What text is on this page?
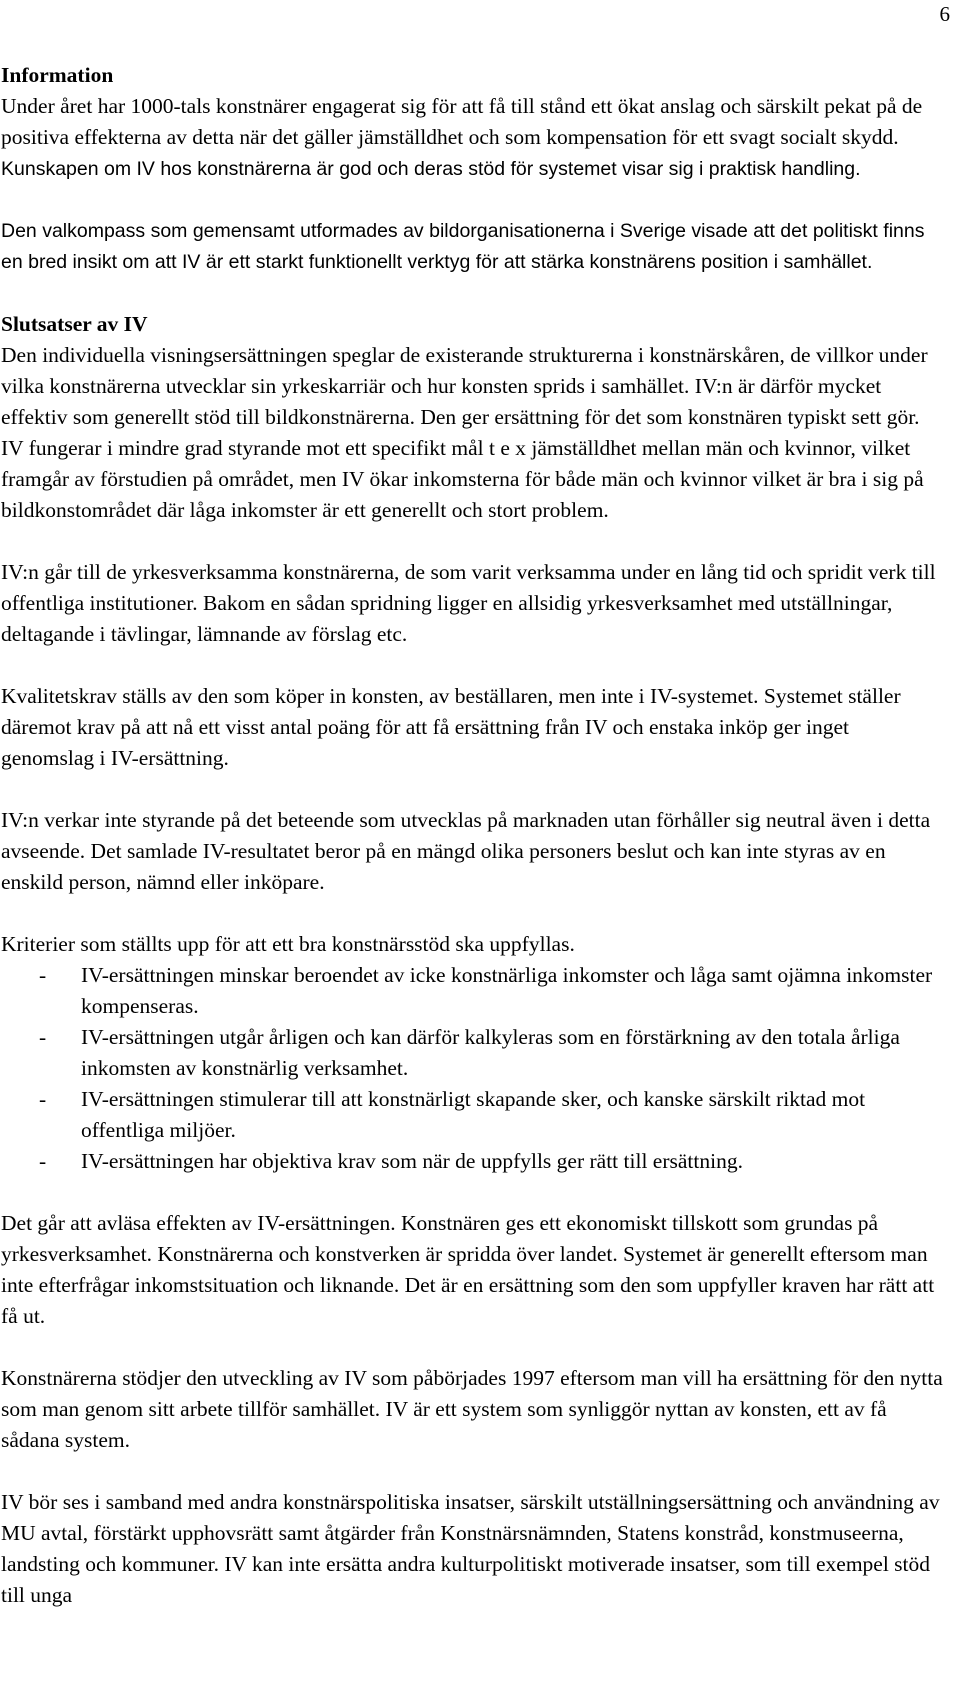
6
Information

Under året har 1000-tals konstnärer engagerat sig för att få till stånd ett ökat anslag och särskilt pekat på de positiva effekterna av detta när det gäller jämställdhet och som kompensation för ett svagt socialt skydd. Kunskapen om IV hos konstnärerna är god och deras stöd för systemet visar sig i praktisk handling.

Den valkompass som gemensamt utformades av bildorganisationerna i Sverige visade att det politiskt finns en bred insikt om att IV är ett starkt funktionellt verktyg för att stärka konstnärens position i samhället.

Slutsatser av IV

Den individuella visningsersättningen speglar de existerande strukturerna i konstnärskåren, de villkor under vilka konstnärerna utvecklar sin yrkeskarriär och hur konsten sprids i samhället. IV:n är därför mycket effektiv som generellt stöd till bildkonstnärerna. Den ger ersättning för det som konstnären typiskt sett gör. IV fungerar i mindre grad styrande mot ett specifikt mål t e x jämställdhet mellan män och kvinnor, vilket framgår av förstudien på området, men IV ökar inkomsterna för både män och kvinnor vilket är bra i sig på bildkonstområdet där låga inkomster är ett generellt och stort problem.

IV:n går till de yrkesverksamma konstnärerna, de som varit verksamma under en lång tid och spridit verk till offentliga institutioner. Bakom en sådan spridning ligger en allsidig yrkesverksamhet med utställningar, deltagande i tävlingar, lämnande av förslag etc.

Kvalitetskrav ställs av den som köper in konsten, av beställaren, men inte i IV-systemet. Systemet ställer däremot krav på att nå ett visst antal poäng för att få ersättning från IV och enstaka inköp ger inget genomslag i IV-ersättning.

IV:n verkar inte styrande på det beteende som utvecklas på marknaden utan förhåller sig neutral även i detta avseende. Det samlade IV-resultatet beror på en mängd olika personers beslut och kan inte styras av en enskild person, nämnd eller inköpare.

Kriterier som ställts upp för att ett bra konstnärsstöd ska uppfyllas.

- IV-ersättningen minskar beroendet av icke konstnärliga inkomster och låga samt ojämna inkomster kompenseras.
- IV-ersättningen utgår årligen och kan därför kalkyleras som en förstärkning av den totala årliga inkomsten av konstnärlig verksamhet.
- IV-ersättningen stimulerar till att konstnärligt skapande sker, och kanske särskilt riktad mot offentliga miljöer.
- IV-ersättningen har objektiva krav som när de uppfylls ger rätt till ersättning.

Det går att avläsa effekten av IV-ersättningen. Konstnären ges ett ekonomiskt tillskott som grundas på yrkesverksamhet. Konstnärerna och konstverken är spridda över landet. Systemet är generellt eftersom man inte efterfrågar inkomstsituation och liknande. Det är en ersättning som den som uppfyller kraven har rätt att få ut.

Konstnärerna stödjer den utveckling av IV som påbörjades 1997 eftersom man vill ha ersättning för den nytta som man genom sitt arbete tillför samhället. IV är ett system som synliggör nyttan av konsten, ett av få sådana system.

IV bör ses i samband med andra konstnärspolitiska insatser, särskilt utställningsersättning och användning av MU avtal, förstärkt upphovsrätt samt åtgärder från Konstnärsnämnden, Statens konstråd, konstmuseerna, landsting och kommuner. IV kan inte ersätta andra kulturpolitiskt motiverade insatser, som till exempel stöd till unga
